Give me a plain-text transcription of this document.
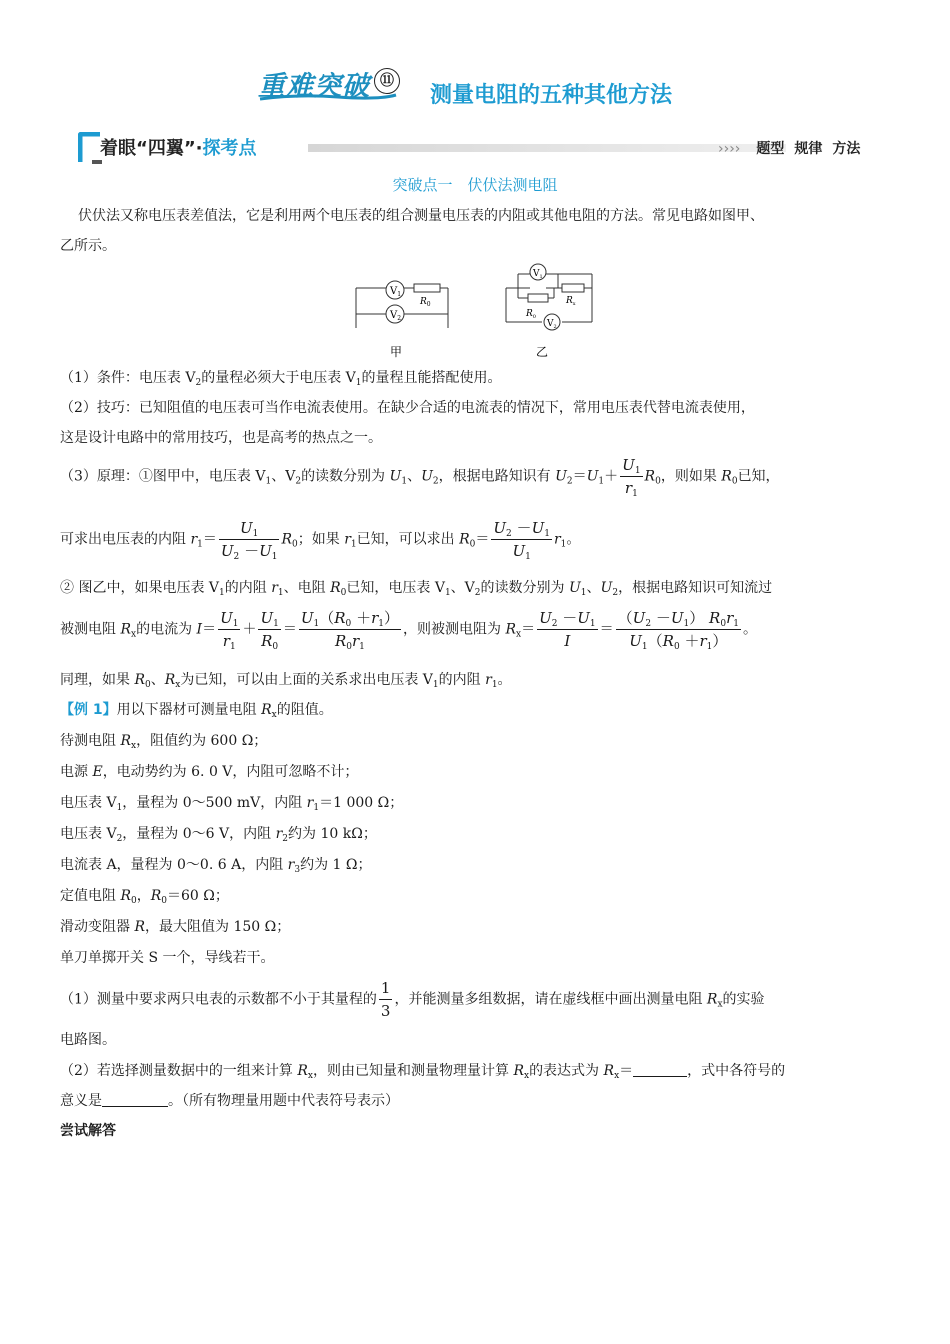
重难突破 ⑪
测量电阻的五种其他方法
着眼“四翼”·探考点	›››› 题型 规律 方法
突破点一　伏伏法测电阻
伏伏法又称电压表差值法，它是利用两个电压表的组合测量电压表的内阻或其他电阻的方法。常见电路如图甲、
乙所示。
$V_1$
$R_0$
$V_2$
甲
$V_1$
$R_x$
$R_0$
$V_2$
乙
（1）条件：电压表 $V_2$的量程必须大于电压表 $V_1$的量程且能搭配使用。
（2）技巧：已知阻值的电压表可当作电流表使用。在缺少合适的电流表的情况下，常用电压表代替电流表使用，
这是设计电路中的常用技巧，也是高考的热点之一。
（3）原理：①图甲中，电压表 $V_1$、$V_2$的读数分别为 $U_1$、$U_2$，根据电路知识有 $U_2=U_1+ \frac{U_1}{r_1} R_0$，则如果 $R_0$已知，
可求出电压表的内阻 $r_1= \frac{U_1}{U_2 -U_1} R_0$；如果 $r_1$已知，可以求出 $R_0= \frac{U_2 -U_1}{U_1} r_1$。
② 图乙中，如果电压表 $V_1$的内阻 $r_1$、电阻 $R_0$已知，电压表 $V_1$、$V_2$的读数分别为 $U_1$、$U_2$，根据电路知识可知流过
被测电阻 $R_x$的电流为 $I= \frac{U_1}{r_1} + \frac{U_1}{R_0} = \frac{U_1(R_0 +r_1)}{R_0r_1}$ ，则被测电阻为 $R_x= \frac{U_2 -U_1}{I} = \frac{(U_2 -U_1) R_0r_1}{U_1(R_0 +r_1)}$ 。
同理，如果 $R_0$、$R_x$为已知，可以由上面的关系求出电压表 $V_1$的内阻 $r_1$。
【例 1】用以下器材可测量电阻 $R_x$的阻值。
待测电阻 $R_x$，阻值约为 600 Ω；
电源 E，电动势约为 6. 0 V，内阻可忽略不计；
电压表 $V_1$，量程为 0～500 mV，内阻 $r_1=1$ 000 Ω；
电压表 $V_2$，量程为 0～6 V，内阻 $r_2$约为 10 kΩ；
电流表 A，量程为 0～0. 6 A，内阻 $r_3$约为 1 Ω；
定值电阻 $R_0$，$R_0=60$ Ω；
滑动变阻器 R，最大阻值为 150 Ω；
单刀单掷开关 S 一个，导线若干。
（1）测量中要求两只电表的示数都不小于其量程的 $\frac{1}{3}$ ，并能测量多组数据，请在虚线框中画出测量电阻 $R_x$的实验
电路图。
（2）若选择测量数据中的一组来计算 $R_x$，则由已知量和测量物理量计算 $R_x$的表达式为 $R_x=$	，式中各符号的
意义是	。（所有物理量用题中代表符号表示）
尝试解答
